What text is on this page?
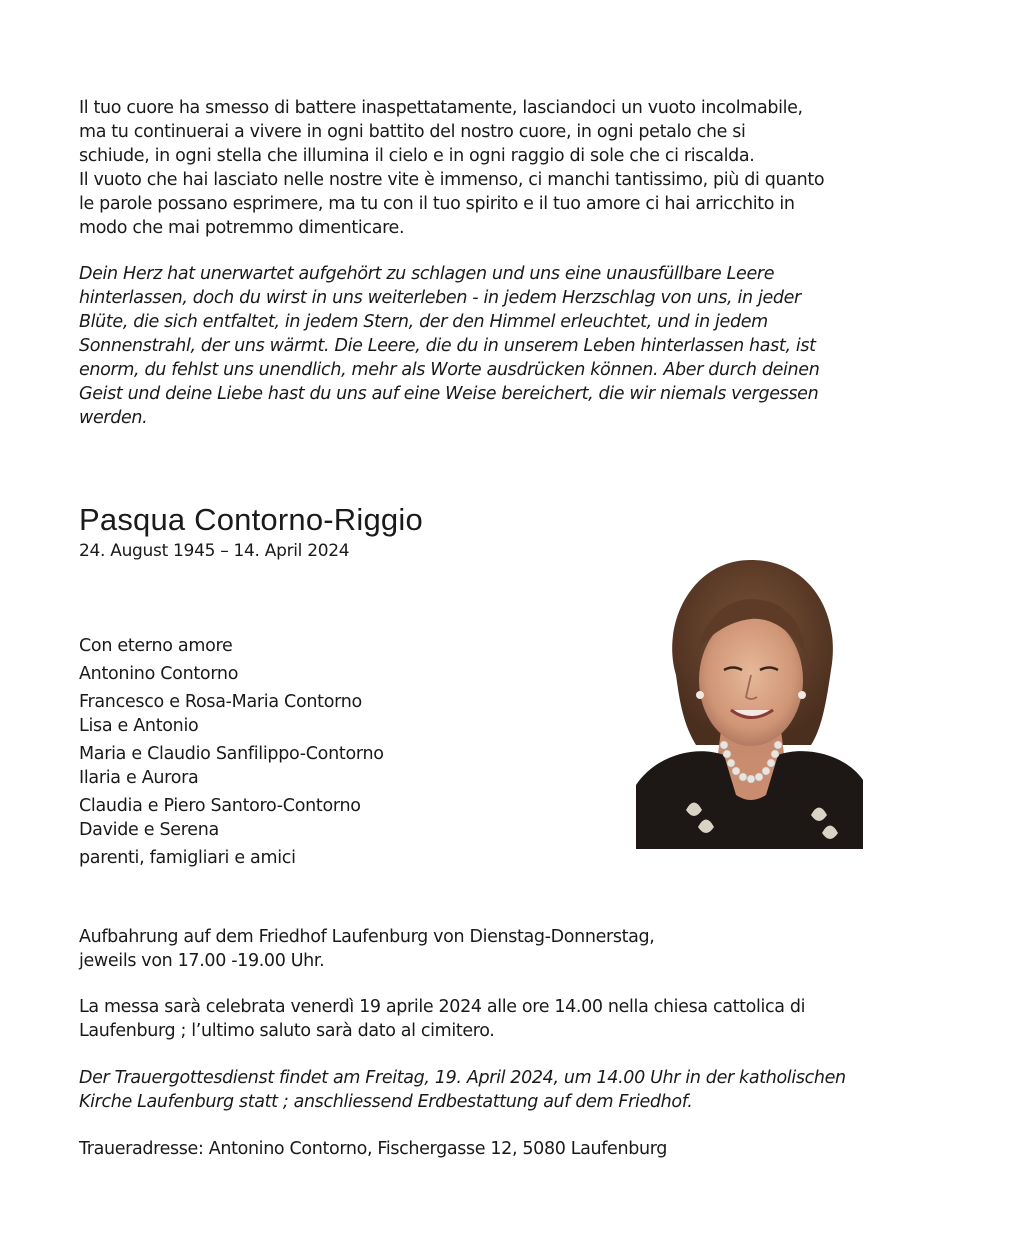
Il tuo cuore ha smesso di battere inaspettatamente, lasciandoci un vuoto incolmabile,
ma tu continuerai a vivere in ogni battito del nostro cuore, in ogni petalo che si
schiude, in ogni stella che illumina il cielo e in ogni raggio di sole che ci riscalda.
Il vuoto che hai lasciato nelle nostre vite è immenso, ci manchi tantissimo, più di quanto
le parole possano esprimere, ma tu con il tuo spirito e il tuo amore ci hai arricchito in
modo che mai potremmo dimenticare.
Dein Herz hat unerwartet aufgehört zu schlagen und uns eine unausfüllbare Leere
hinterlassen, doch du wirst in uns weiterleben - in jedem Herzschlag von uns, in jeder
Blüte, die sich entfaltet, in jedem Stern, der den Himmel erleuchtet, und in jedem
Sonnenstrahl, der uns wärmt. Die Leere, die du in unserem Leben hinterlassen hast, ist
enorm, du fehlst uns unendlich, mehr als Worte ausdrücken können. Aber durch deinen
Geist und deine Liebe hast du uns auf eine Weise bereichert, die wir niemals vergessen
werden.
Pasqua Contorno-Riggio
24. August 1945 – 14. April 2024

Con eterno amore

Antonino Contorno

Francesco e Rosa-Maria Contorno
Lisa e Antonio

Maria e Claudio Sanfilippo-Contorno
Ilaria e Aurora

Claudia e Piero Santoro-Contorno
Davide e Serena

parenti, famigliari e amici

Aufbahrung auf dem Friedhof Laufenburg von Dienstag-Donnerstag,
jeweils von 17.00 -19.00 Uhr.
La messa sarà celebrata venerdì 19 aprile 2024 alle ore 14.00 nella chiesa cattolica di
Laufenburg ; l’ultimo saluto sarà dato al cimitero.
Der Trauergottesdienst findet am Freitag, 19. April 2024, um 14.00 Uhr in der katholischen
Kirche Laufenburg statt ; anschliessend Erdbestattung auf dem Friedhof.
Traueradresse: Antonino Contorno, Fischergasse 12, 5080 Laufenburg
